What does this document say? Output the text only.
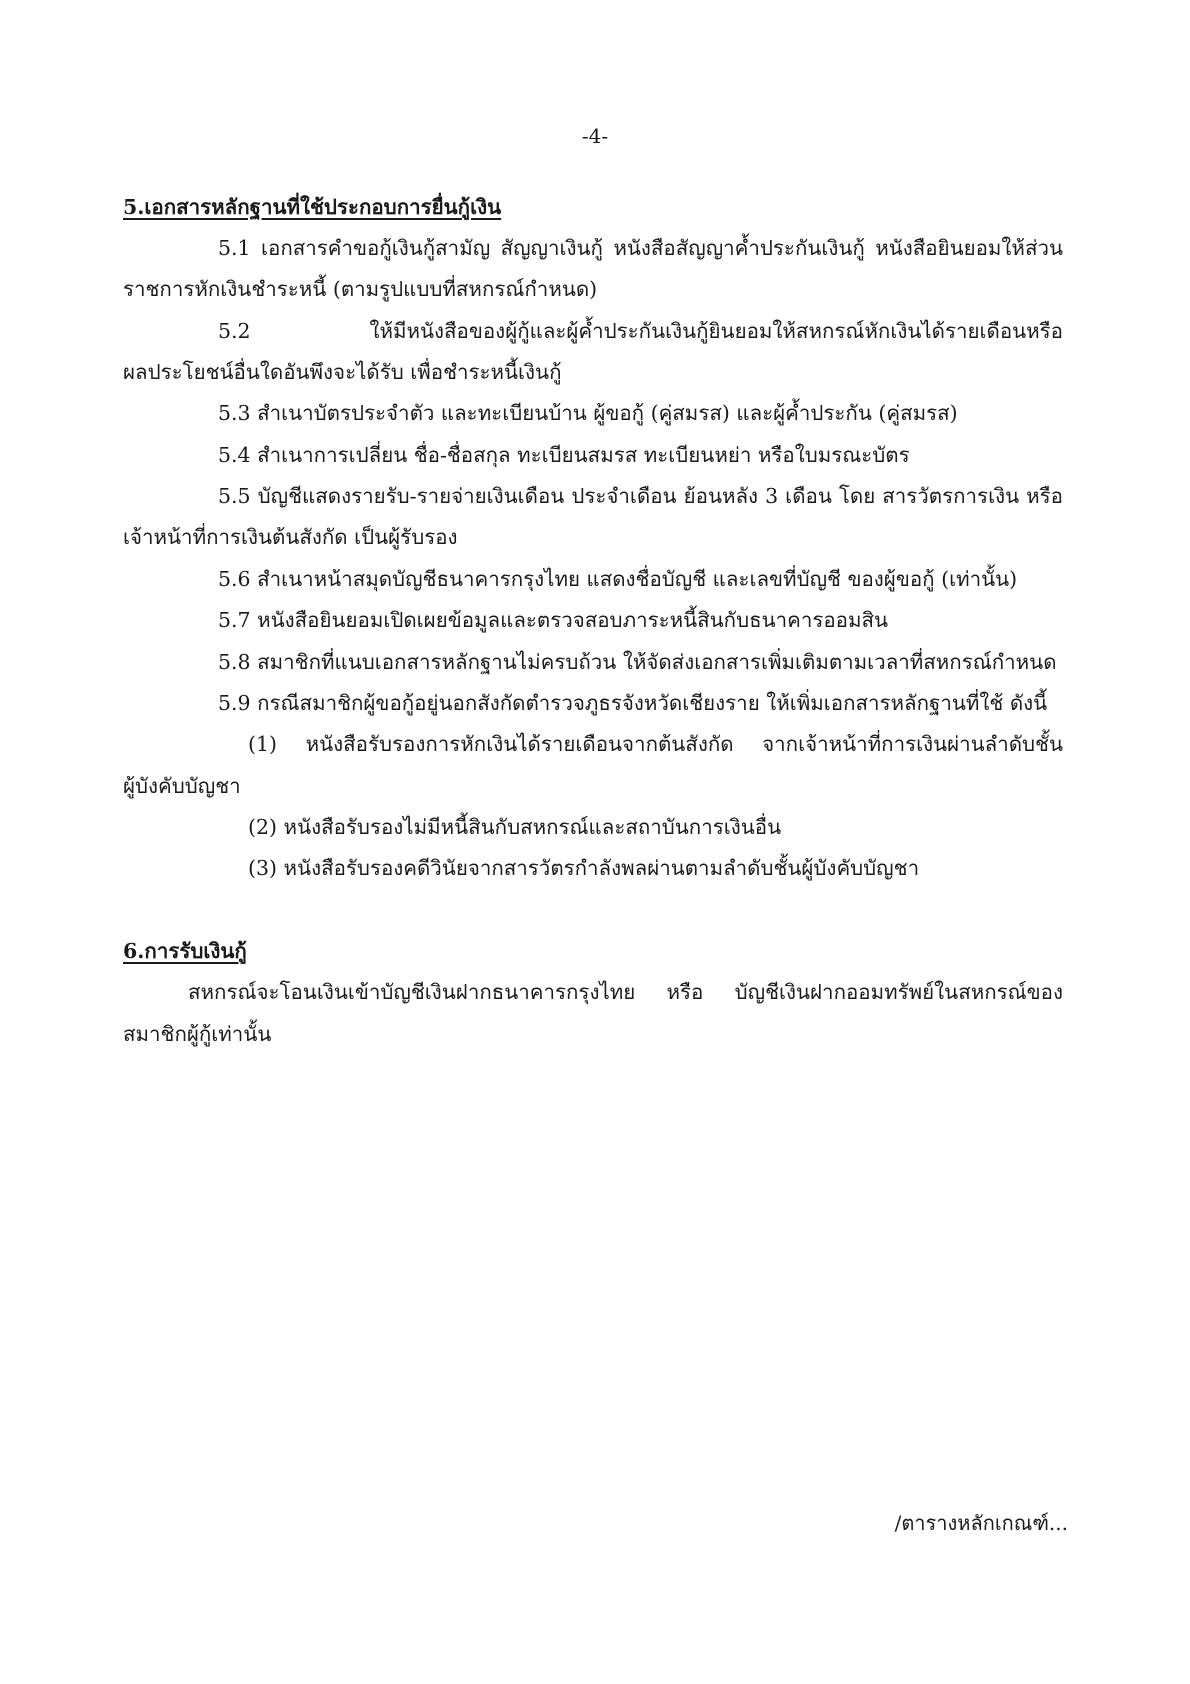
-4-
5.เอกสารหลักฐานที่ใช้ประกอบการยื่นกู้เงิน
5.1 เอกสารคำขอกู้เงินกู้สามัญ สัญญาเงินกู้ หนังสือสัญญาค้ำประกันเงินกู้ หนังสือยินยอมให้ส่วน
ราชการหักเงินชำระหนี้ (ตามรูปแบบที่สหกรณ์กำหนด)
5.2 ให้มีหนังสือของผู้กู้และผู้ค้ำประกันเงินกู้ยินยอมให้สหกรณ์หักเงินได้รายเดือนหรือ
ผลประโยชน์อื่นใดอันพึงจะได้รับ เพื่อชำระหนี้เงินกู้
5.3 สำเนาบัตรประจำตัว และทะเบียนบ้าน ผู้ขอกู้ (คู่สมรส) และผู้ค้ำประกัน (คู่สมรส)
5.4 สำเนาการเปลี่ยน ชื่อ-ชื่อสกุล ทะเบียนสมรส ทะเบียนหย่า หรือใบมรณะบัตร
5.5 บัญชีแสดงรายรับ-รายจ่ายเงินเดือน ประจำเดือน ย้อนหลัง 3 เดือน โดย สารวัตรการเงิน หรือ
เจ้าหน้าที่การเงินต้นสังกัด เป็นผู้รับรอง
5.6 สำเนาหน้าสมุดบัญชีธนาคารกรุงไทย แสดงชื่อบัญชี และเลขที่บัญชี ของผู้ขอกู้ (เท่านั้น)
5.7 หนังสือยินยอมเปิดเผยข้อมูลและตรวจสอบภาระหนี้สินกับธนาคารออมสิน
5.8 สมาชิกที่แนบเอกสารหลักฐานไม่ครบถ้วน ให้จัดส่งเอกสารเพิ่มเติมตามเวลาที่สหกรณ์กำหนด
5.9 กรณีสมาชิกผู้ขอกู้อยู่นอกสังกัดตำรวจภูธรจังหวัดเชียงราย ให้เพิ่มเอกสารหลักฐานที่ใช้ ดังนี้
(1) หนังสือรับรองการหักเงินได้รายเดือนจากต้นสังกัด จากเจ้าหน้าที่การเงินผ่านลำดับชั้น
ผู้บังคับบัญชา
(2) หนังสือรับรองไม่มีหนี้สินกับสหกรณ์และสถาบันการเงินอื่น
(3) หนังสือรับรองคดีวินัยจากสารวัตรกำลังพลผ่านตามลำดับชั้นผู้บังคับบัญชา
6.การรับเงินกู้
สหกรณ์จะโอนเงินเข้าบัญชีเงินฝากธนาคารกรุงไทย หรือ บัญชีเงินฝากออมทรัพย์ในสหกรณ์ของ
สมาชิกผู้กู้เท่านั้น
/ตารางหลักเกณฑ์...
